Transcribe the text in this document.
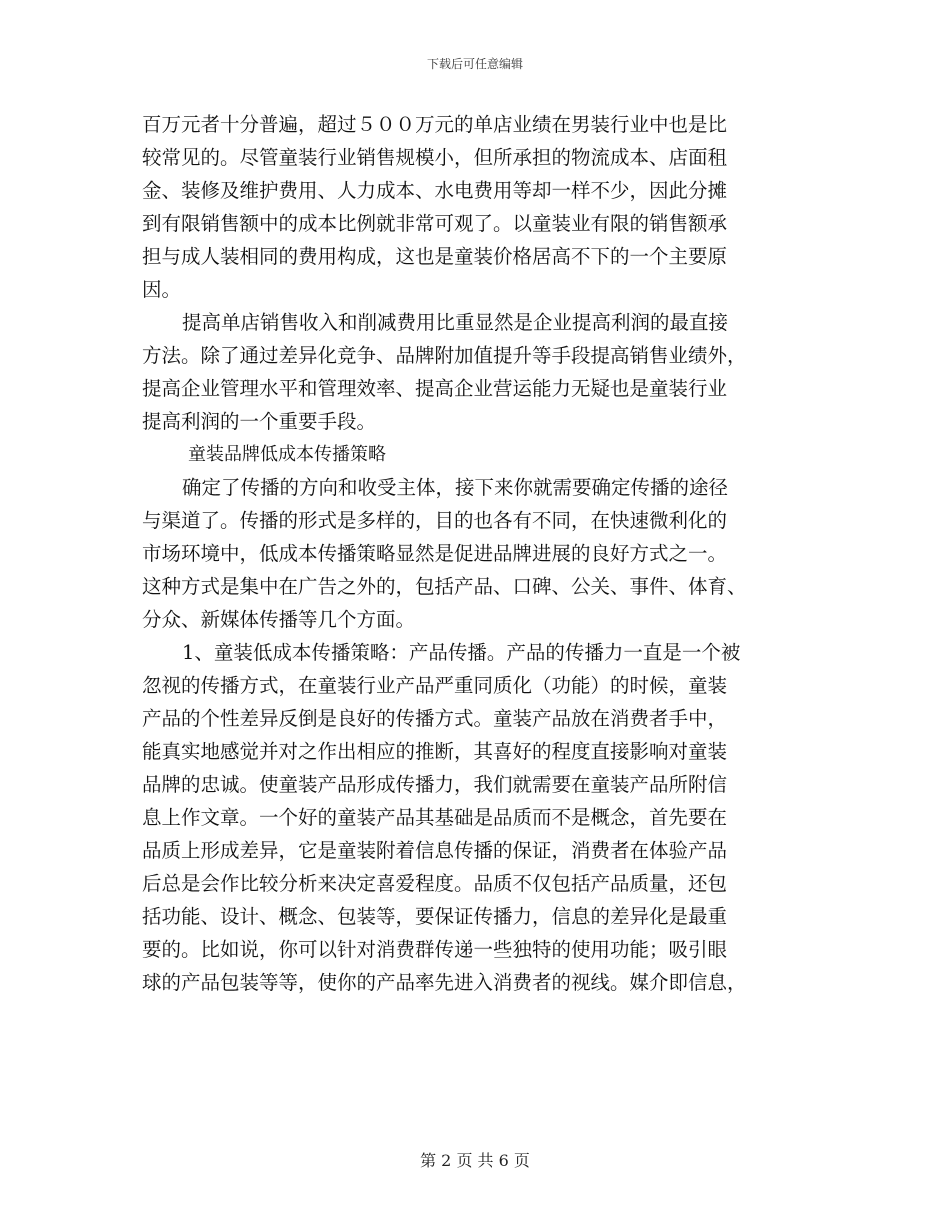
下载后可任意编辑
百万元者十分普遍，超过５００万元的单店业绩在男装行业中也是比
较常见的。尽管童装行业销售规模小，但所承担的物流成本、店面租
金、装修及维护费用、人力成本、水电费用等却一样不少，因此分摊
到有限销售额中的成本比例就非常可观了。以童装业有限的销售额承
担与成人装相同的费用构成，这也是童装价格居高不下的一个主要原
因。
提高单店销售收入和削减费用比重显然是企业提高利润的最直接
方法。除了通过差异化竞争、品牌附加值提升等手段提高销售业绩外，
提高企业管理水平和管理效率、提高企业营运能力无疑也是童装行业
提高利润的一个重要手段。
童装品牌低成本传播策略
确定了传播的方向和收受主体，接下来你就需要确定传播的途径
与渠道了。传播的形式是多样的，目的也各有不同，在快速微利化的
市场环境中，低成本传播策略显然是促进品牌进展的良好方式之一。
这种方式是集中在广告之外的，包括产品、口碑、公关、事件、体育、
分众、新媒体传播等几个方面。
1、童装低成本传播策略：产品传播。产品的传播力一直是一个被
忽视的传播方式，在童装行业产品严重同质化（功能）的时候，童装
产品的个性差异反倒是良好的传播方式。童装产品放在消费者手中，
能真实地感觉并对之作出相应的推断，其喜好的程度直接影响对童装
品牌的忠诚。使童装产品形成传播力，我们就需要在童装产品所附信
息上作文章。一个好的童装产品其基础是品质而不是概念，首先要在
品质上形成差异，它是童装附着信息传播的保证，消费者在体验产品
后总是会作比较分析来决定喜爱程度。品质不仅包括产品质量，还包
括功能、设计、概念、包装等，要保证传播力，信息的差异化是最重
要的。比如说，你可以针对消费群传递一些独特的使用功能；吸引眼
球的产品包装等等，使你的产品率先进入消费者的视线。媒介即信息，
第 2 页 共 6 页
